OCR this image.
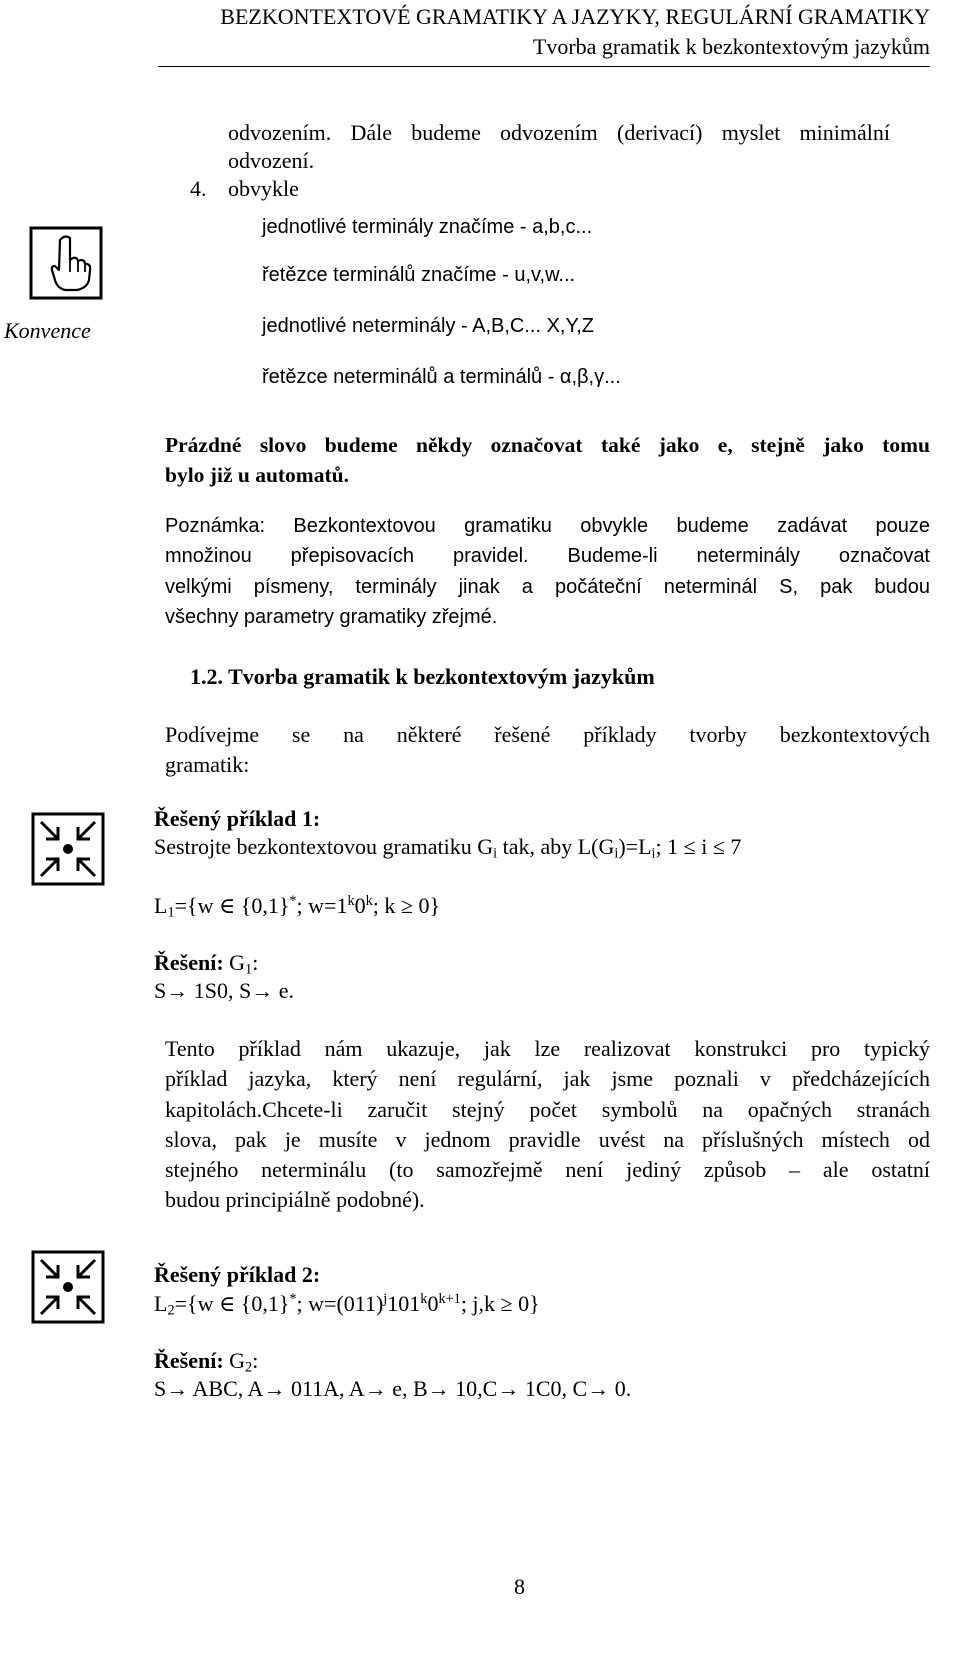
BEZKONTEXTOVÉ GRAMATIKY A JAZYKY, REGULÁRNÍ GRAMATIKY
Tvorba gramatik k bezkontextovým jazykům
odvozením. Dále budeme odvozením (derivací) myslet minimální
odvození.
4. obvykle
Konvence
jednotlivé terminály značíme - a,b,c...
řetězce terminálů značíme - u,v,w...
jednotlivé neterminály - A,B,C... X,Y,Z
řetězce neterminálů a terminálů - α,β,γ...
Prázdné slovo budeme někdy označovat také jako e, stejně jako tomu
bylo již u automatů.
Poznámka: Bezkontextovou gramatiku obvykle budeme zadávat pouze
množinou přepisovacích pravidel. Budeme-li neterminály označovat
velkými písmeny, terminály jinak a počáteční neterminál S, pak budou
všechny parametry gramatiky zřejmé.
1.2. Tvorba gramatik k bezkontextovým jazykům
Podívejme se na některé řešené příklady tvorby bezkontextových
gramatik:
Řešený příklad 1:
Sestrojte bezkontextovou gramatiku $G_i$ tak, aby $L(G_i)=L_i$; 1 ≤ i ≤ 7
$L_1=\{w$ ∈ {0,1}*; $w=1^k0^k$; k ≥ 0}
Řešení: $G_1$:
S→ 1S0, S→ e.
Tento příklad nám ukazuje, jak lze realizovat konstrukci pro typický
příklad jazyka, který není regulární, jak jsme poznali v předcházejících
kapitolách.Chcete-li zaručit stejný počet symbolů na opačných stranách
slova, pak je musíte v jednom pravidle uvést na příslušných místech od
stejného neterminálu (to samozřejmě není jediný způsob – ale ostatní
budou principiálně podobné).
Řešený příklad 2:
$L_2=\{w$ ∈ {0,1}*; $w=(011)^j101^k0^{k+1}$; j,k ≥ 0}
Řešení: $G_2$:
S→ ABC, A→ 011A, A→ e, B→ 10,C→ 1C0, C→ 0.
8
